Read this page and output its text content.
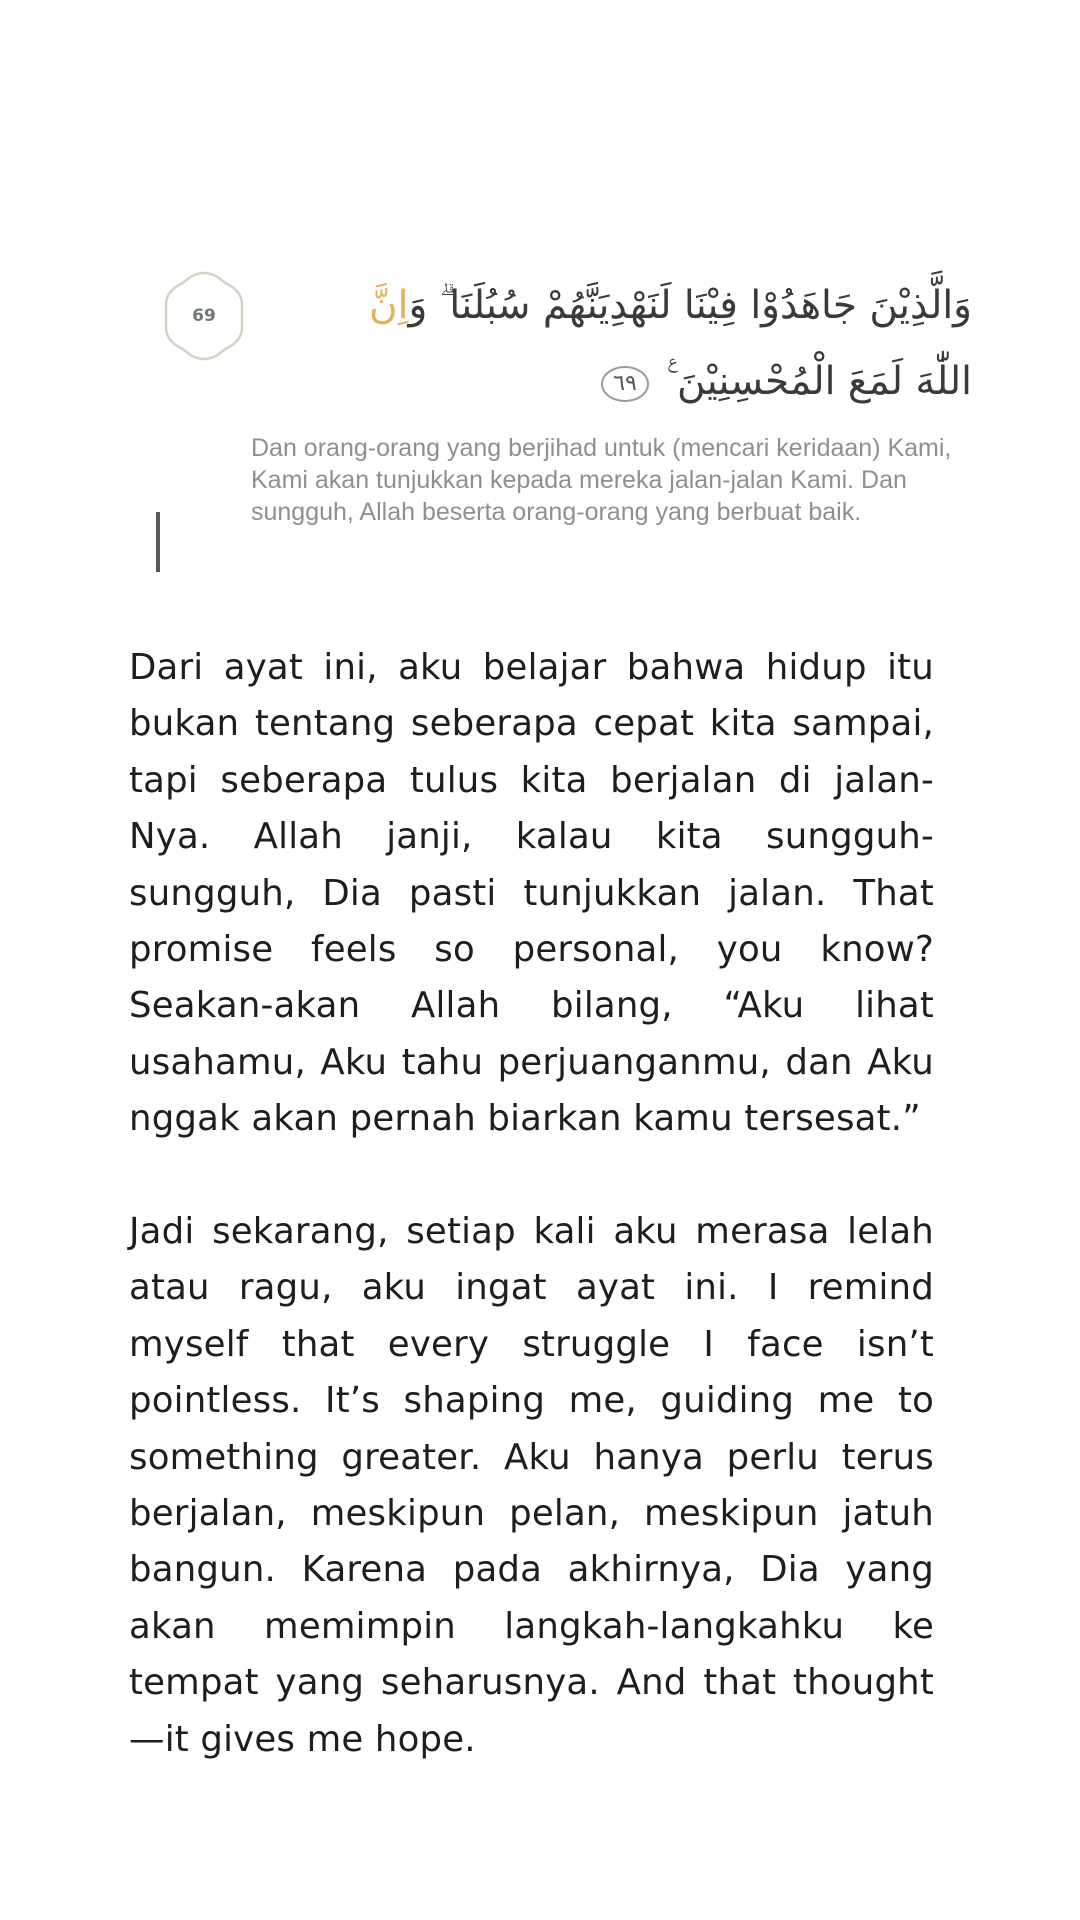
69	وَالَّذِيْنَ جَاهَدُوْا فِيْنَا لَنَهْدِيَنَّهُمْ سُبُلَنَا ۗ وَاِنَّ اللّٰهَ لَمَعَ الْمُحْسِنِيْنَ ࣖ ٦٩
Dan orang-orang yang berjihad untuk (mencari keridaan) Kami, Kami akan tunjukkan kepada mereka jalan-jalan Kami. Dan sungguh, Allah beserta orang-orang yang berbuat baik.

Dari ayat ini, aku belajar bahwa hidup itu bukan tentang seberapa cepat kita sampai, tapi seberapa tulus kita berjalan di jalan-Nya. Allah janji, kalau kita sungguh-sungguh, Dia pasti tunjukkan jalan. That promise feels so personal, you know? Seakan-akan Allah bilang, “Aku lihat usahamu, Aku tahu perjuanganmu, dan Aku nggak akan pernah biarkan kamu tersesat.”

Jadi sekarang, setiap kali aku merasa lelah atau ragu, aku ingat ayat ini. I remind myself that every struggle I face isn’t pointless. It’s shaping me, guiding me to something greater. Aku hanya perlu terus berjalan, meskipun pelan, meskipun jatuh bangun. Karena pada akhirnya, Dia yang akan memimpin langkah-langkahku ke tempat yang seharusnya. And that thought—it gives me hope.
